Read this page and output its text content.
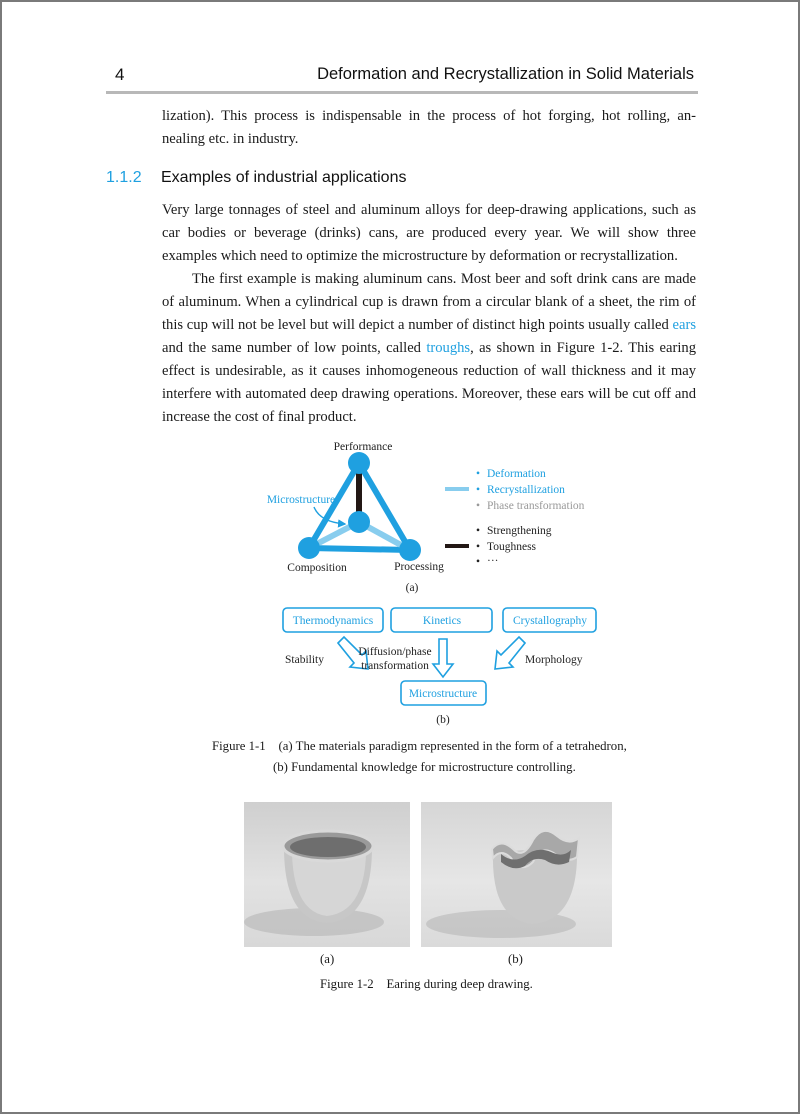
4	Deformation and Recrystallization in Solid Materials

lization). This process is indispensable in the process of hot forging, hot rolling, an-

nealing etc. in industry.

1.1.2 Examples of industrial applications

Very large tonnages of steel and aluminum alloys for deep-drawing applications, such as car bodies or beverage (drinks) cans, are produced every year. We will show three examples which need to optimize the microstructure by deformation or recrystallization.

The first example is making aluminum cans. Most beer and soft drink cans are made of aluminum. When a cylindrical cup is drawn from a circular blank of a sheet, the rim of this cup will not be level but will depict a number of distinct high points usually called ears and the same number of low points, called troughs, as shown in Figure 1-2. This earing effect is undesirable, as it causes inhomogeneous reduction of wall thickness and it may interfere with automated deep drawing operations. Moreover, these ears will be cut off and increase the cost of final product.

Performance
Microstructure
Composition	Processing
(a)
• Deformation
• Recrystallization
• Phase transformation
• Strengthening
• Toughness
• ···
Thermodynamics	Kinetics	Crystallography
Stability
Diffusion/phase
transformation	Morphology
Microstructure
(b)
Figure 1-1    (a) The materials paradigm represented in the form of a tetrahedron,
(b) Fundamental knowledge for microstructure controlling.
(a)	(b)
Figure 1-2    Earing during deep drawing.
